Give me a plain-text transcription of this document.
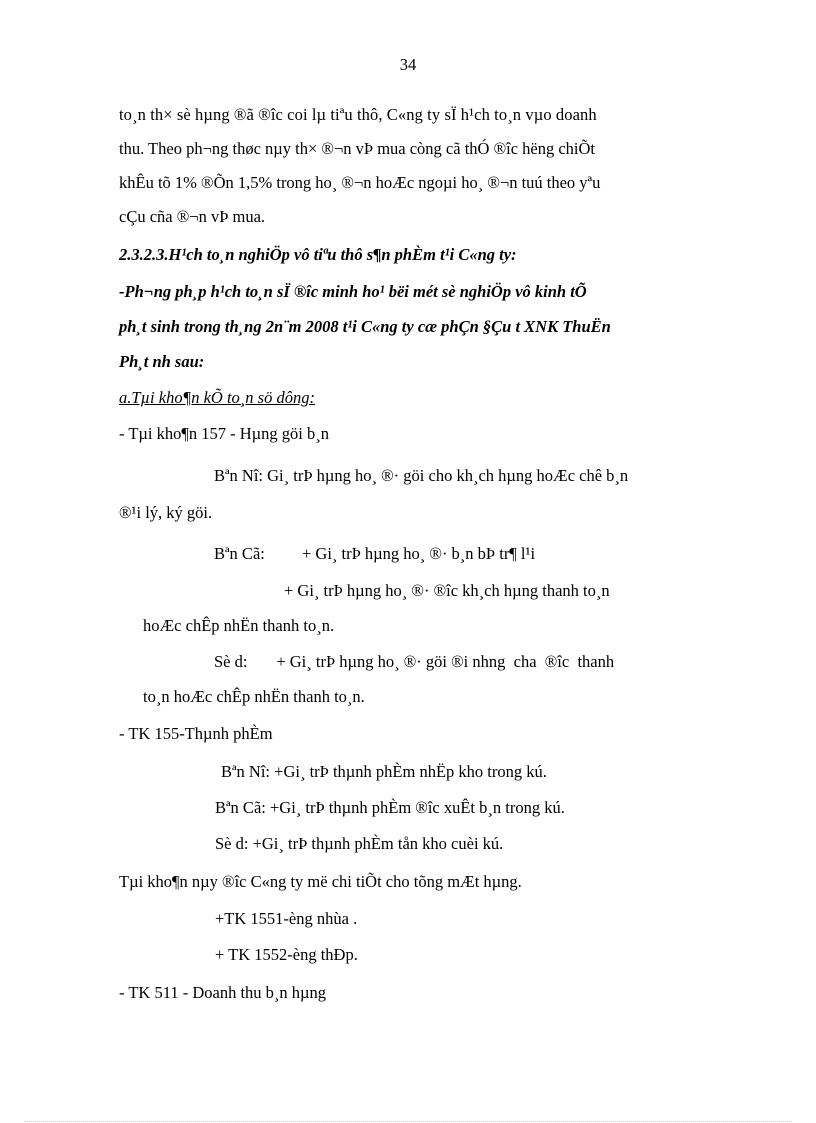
34
to¸n th× sè hµng ®ã ®îc coi lµ tiªu thô, C«ng ty sÏ h¹ch to¸n vµo doanh
thu. Theo ph¬ng thøc nµy th× ®¬n vÞ mua còng cã thÓ ®îc hëng chiÕt
khÊu tõ 1% ®Õn 1,5% trong ho¸ ®¬n hoÆc ngoµi ho¸ ®¬n tuú theo yªu
cÇu cña ®¬n vÞ mua.
2.3.2.3.H¹ch to¸n nghiÖp vô tiªu thô s¶n phÈm t¹i C«ng ty:
-Ph¬ng ph¸p h¹ch to¸n sÏ ®îc minh ho¹ bëi mét sè nghiÖp vô kinh tÕ
ph¸t sinh trong th¸ng 2n¨m 2008 t¹i C«ng ty cæ phÇn §Çu t XNK ThuËn
Ph¸t nh sau:
a.Tµi kho¶n kÕ to¸n sö dông:
- Tµi kho¶n 157 - Hµng göi b¸n
Bªn Nî: Gi¸ trÞ hµng ho¸ ®· göi cho kh¸ch hµng hoÆc chê b¸n
®¹i lý, ký göi.
Bªn Cã:         + Gi¸ trÞ hµng ho¸ ®· b¸n bÞ tr¶ l¹i
+ Gi¸ trÞ hµng ho¸ ®· ®îc kh¸ch hµng thanh to¸n
hoÆc chÊp nhËn thanh to¸n.
Sè d:       + Gi¸ trÞ hµng ho¸ ®· göi ®i nhng  cha  ®îc  thanh
to¸n hoÆc chÊp nhËn thanh to¸n.
- TK 155-Thµnh phÈm
Bªn Nî: +Gi¸ trÞ thµnh phÈm nhËp kho trong kú.
Bªn Cã: +Gi¸ trÞ thµnh phÈm ®îc xuÊt b¸n trong kú.
Sè d: +Gi¸ trÞ thµnh phÈm tån kho cuèi kú.
Tµi kho¶n nµy ®îc C«ng ty më chi tiÕt cho tõng mÆt hµng.
+TK 1551-èng nhùa .
+ TK 1552-èng thÐp.
- TK 511 - Doanh thu b¸n hµng
